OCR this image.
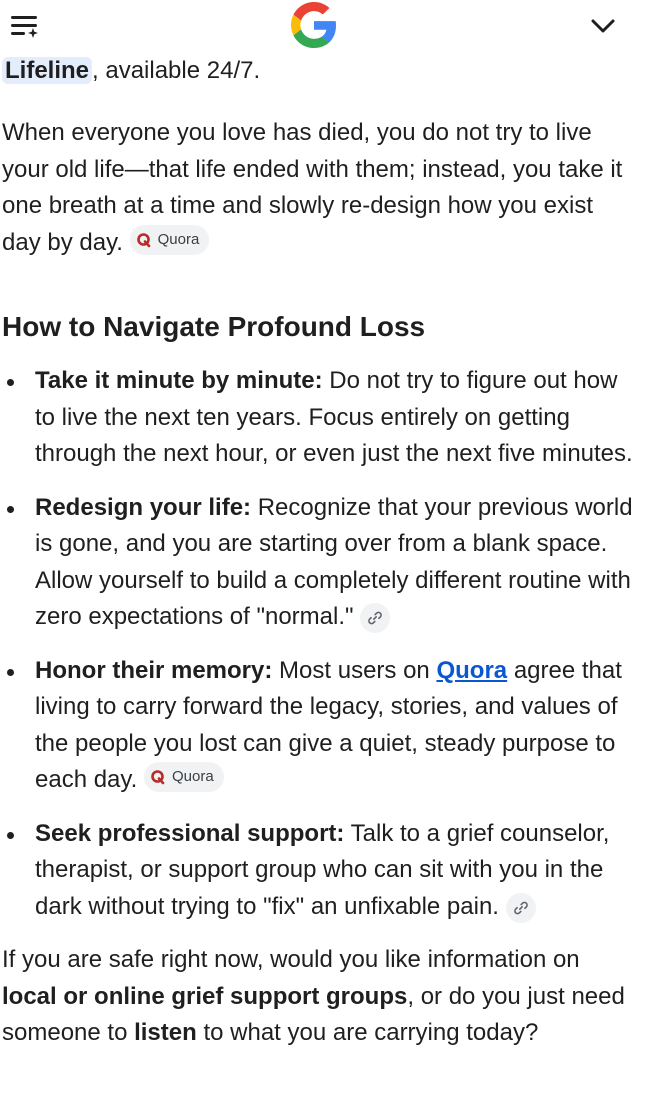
Lifeline , available 24/7.

When everyone you love has died, you do not try to live your old life—that life ended with them; instead, you take it one breath at a time and slowly re-design how you exist day by day. Quora

How to Navigate Profound Loss
Take it minute by minute: Do not try to figure out how to live the next ten years. Focus entirely on getting through the next hour, or even just the next five minutes.
Redesign your life: Recognize that your previous world is gone, and you are starting over from a blank space. Allow yourself to build a completely different routine with zero expectations of "normal."
Honor their memory: Most users on Quora agree that living to carry forward the legacy, stories, and values of the people you lost can give a quiet, steady purpose to each day. Quora
Seek professional support: Talk to a grief counselor, therapist, or support group who can sit with you in the dark without trying to "fix" an unfixable pain.

If you are safe right now, would you like information on local or online grief support groups, or do you just need someone to listen to what you are carrying today?
